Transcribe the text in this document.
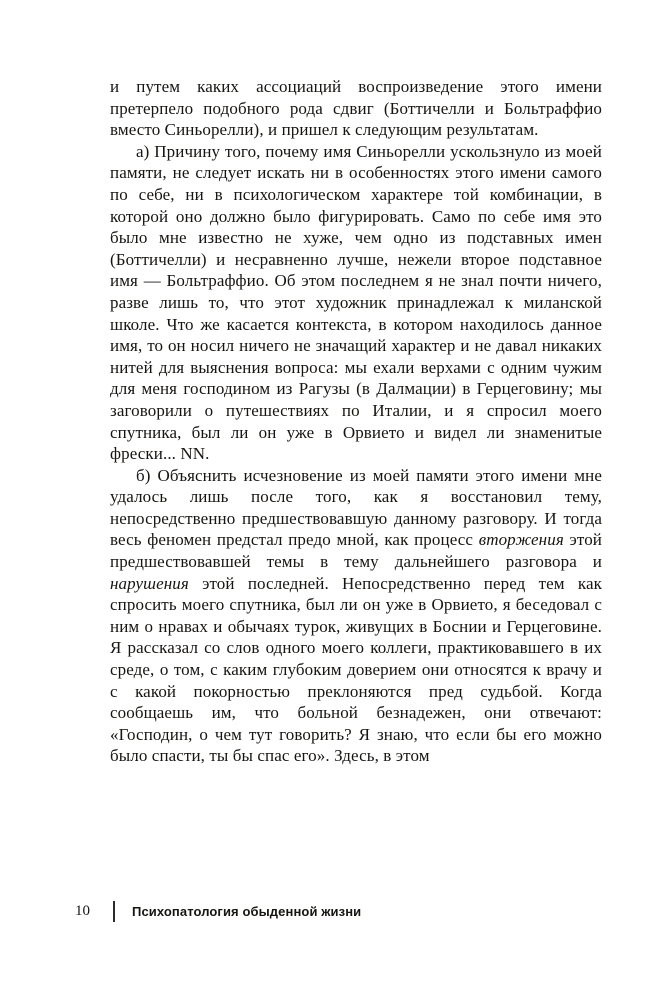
и путем каких ассоциаций воспроизведение этого имени претерпело подобного рода сдвиг (Боттичелли и Больтраффио вместо Синьорелли), и пришел к следующим результатам.

а) Причину того, почему имя Синьорелли ускользнуло из моей памяти, не следует искать ни в особенностях этого имени самого по себе, ни в психологическом характере той комбинации, в которой оно должно было фигурировать. Само по себе имя это было мне известно не хуже, чем одно из подставных имен (Боттичелли) и несравненно лучше, нежели второе подставное имя — Больтраффио. Об этом последнем я не знал почти ничего, разве лишь то, что этот художник принадлежал к миланской школе. Что же касается контекста, в котором находилось данное имя, то он носил ничего не значащий характер и не давал никаких нитей для выяснения вопроса: мы ехали верхами с одним чужим для меня господином из Рагузы (в Далмации) в Герцеговину; мы заговорили о путешествиях по Италии, и я спросил моего спутника, был ли он уже в Орвието и видел ли знаменитые фрески... NN.

б) Объяснить исчезновение из моей памяти этого имени мне удалось лишь после того, как я восстановил тему, непосредственно предшествовавшую данному разговору. И тогда весь феномен предстал предо мной, как процесс вторжения этой предшествовавшей темы в тему дальнейшего разговора и нарушения этой последней. Непосредственно перед тем как спросить моего спутника, был ли он уже в Орвието, я беседовал с ним о нравах и обычаях турок, живущих в Боснии и Герцеговине. Я рассказал со слов одного моего коллеги, практиковавшего в их среде, о том, с каким глубоким доверием они относятся к врачу и с какой покорностью преклоняются пред судьбой. Когда сообщаешь им, что больной безнадежен, они отвечают: «Господин, о чем тут говорить? Я знаю, что если бы его можно было спасти, ты бы спас его». Здесь, в этом

10	Психопатология обыденной жизни
